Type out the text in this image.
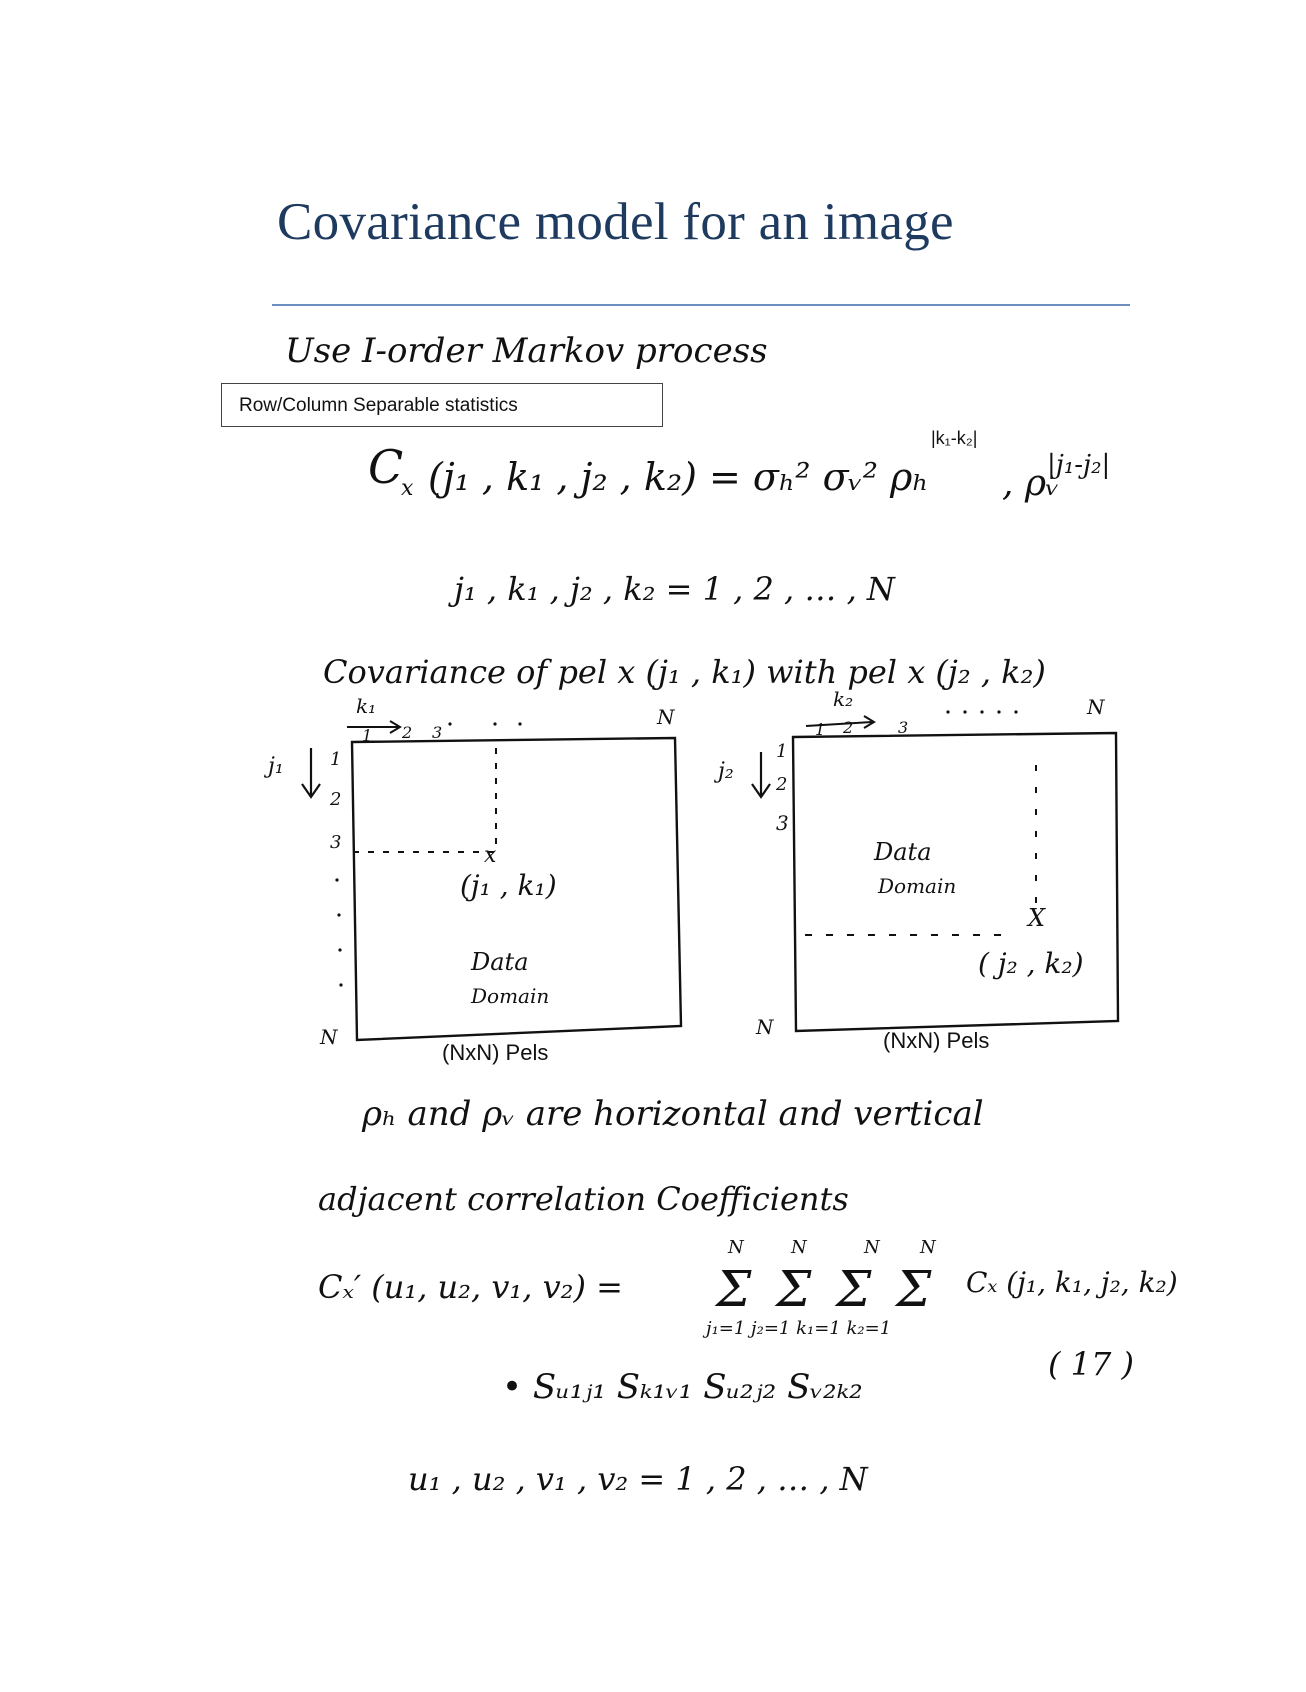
Covariance model for an image
Use I-order Markov process
C
x (j₁ , k₁ , j₂ , k₂) = σₕ² σᵥ² ρₕ , ρᵥ
|j₁-j₂|
j₁ , k₁ , j₂ , k₂ = 1 , 2 , … , N
Covariance of pel x (j₁ , k₁) with pel x (j₂ , k₂)
x
k₁
j₁
1 2 3
1
2
3
N
N
(j₁ , k₁)
Data
Domain
X
k₂
j₂
1 2	3
1
2
3
N
N
Data
Domain
( j₂ , k₂)
ρₕ and ρᵥ are horizontal and vertical
adjacent correlation Coefficients
Cₓ′ (u₁, u₂, v₁, v₂) = Σ Σ Σ Σ
N	N	N N
Cₓ (j₁, k₁, j₂, k₂)
j₁=1 j₂=1 k₁=1 k₂=1
( 17 )
• Sᵤ₁ⱼ₁ Sₖ₁ᵥ₁ Sᵤ₂ⱼ₂ Sᵥ₂ₖ₂
u₁ , u₂ , v₁ , v₂ = 1 , 2 , … , N
|k₁-k₂|
(NxN) Pels	(NxN) Pels
Row/Column Separable statistics
